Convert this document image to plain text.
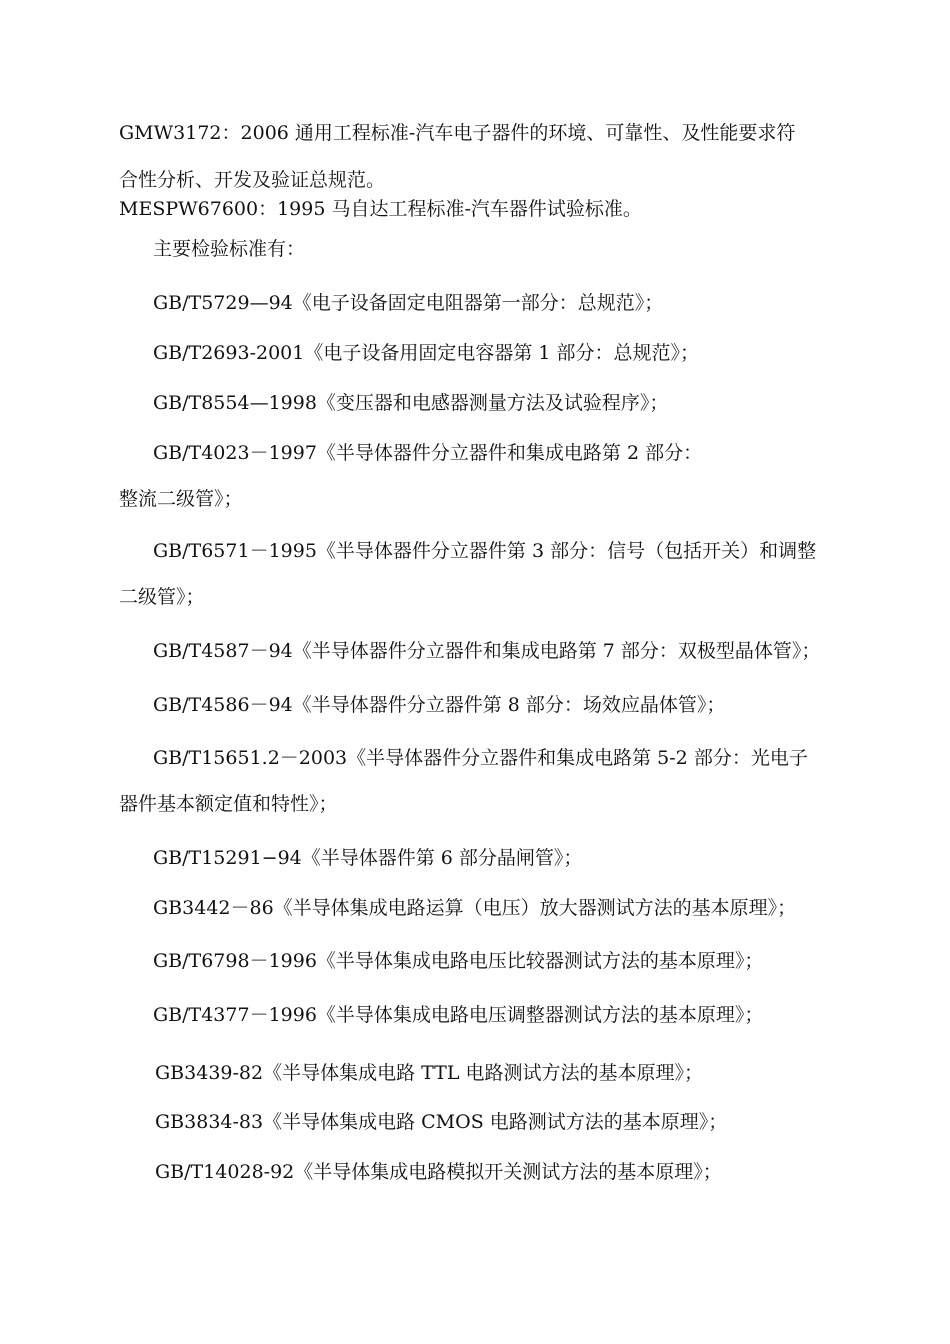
GMW3172：2006 通用工程标准-汽车电子器件的环境、可靠性、及性能要求符

合性分析、开发及验证总规范。

MESPW67600：1995 马自达工程标准-汽车器件试验标准。

主要检验标准有：

GB/T5729—94《电子设备固定电阻器第一部分：总规范》；

GB/T2693-2001《电子设备用固定电容器第 1 部分：总规范》；

GB/T8554—1998《变压器和电感器测量方法及试验程序》；

GB/T4023－1997《半导体器件分立器件和集成电路第 2 部分：

整流二级管》；

GB/T6571－1995《半导体器件分立器件第 3 部分：信号（包括开关）和调整

二级管》；

GB/T4587－94《半导体器件分立器件和集成电路第 7 部分：双极型晶体管》；

GB/T4586－94《半导体器件分立器件第 8 部分：场效应晶体管》；

GB/T15651.2－2003《半导体器件分立器件和集成电路第 5-2 部分：光电子

器件基本额定值和特性》；

GB/T15291−94《半导体器件第 6 部分晶闸管》；

GB3442－86《半导体集成电路运算（电压）放大器测试方法的基本原理》；

GB/T6798－1996《半导体集成电路电压比较器测试方法的基本原理》；

GB/T4377－1996《半导体集成电路电压调整器测试方法的基本原理》；

GB3439-82《半导体集成电路 TTL 电路测试方法的基本原理》；

GB3834-83《半导体集成电路 CMOS 电路测试方法的基本原理》；

GB/T14028-92《半导体集成电路模拟开关测试方法的基本原理》；
